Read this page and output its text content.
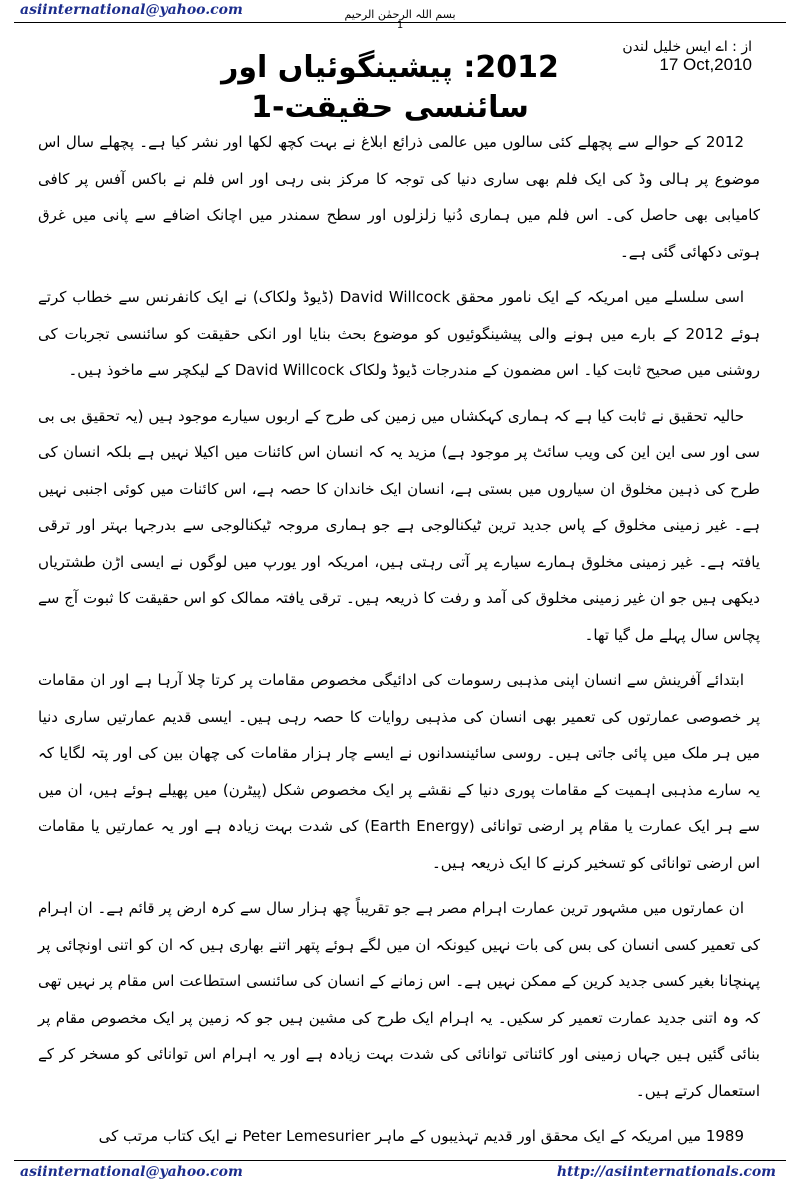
asiinternational@yahoo.com	بسم اللہ الرحمٰن الرحیم
1
از : اے ایس خلیل لندن
17 Oct,2010
2012: پیشینگوئیاں اور سائنسی حقیقت-1

2012 کے حوالے سے پچھلے کئی سالوں میں عالمی ذرائع ابلاغ نے بہت کچھ لکھا اور نشر کیا ہے۔ پچھلے سال اس موضوع پر ہالی وڈ کی ایک فلم بھی ساری دنیا کی توجہ کا مرکز بنی رہی اور اس فلم نے باکس آفس پر کافی کامیابی بھی حاصل کی۔ اس فلم میں ہماری دُنیا زلزلوں اور سطح سمندر میں اچانک اضافے سے پانی میں غرق ہوتی دکھائی گئی ہے۔

اسی سلسلے میں امریکہ کے ایک نامور محقق David Willcock (ڈیوڈ ولکاک) نے ایک کانفرنس سے خطاب کرتے ہوئے 2012 کے بارے میں ہونے والی پیشینگوئیوں کو موضوع بحث بنایا اور انکی حقیقت کو سائنسی تجربات کی روشنی میں صحیح ثابت کیا۔ اس مضمون کے مندرجات ڈیوڈ ولکاک David Willcock کے لیکچر سے ماخوذ ہیں۔

حالیہ تحقیق نے ثابت کیا ہے کہ ہماری کہکشاں میں زمین کی طرح کے اربوں سیارے موجود ہیں (یہ تحقیق بی بی سی اور سی این این کی ویب سائٹ پر موجود ہے) مزید یہ کہ انسان اس کائنات میں اکیلا نہیں ہے بلکہ انسان کی طرح کی ذہین مخلوق ان سیاروں میں بستی ہے، انسان ایک خاندان کا حصہ ہے، اس کائنات میں کوئی اجنبی نہیں ہے۔ غیر زمینی مخلوق کے پاس جدید ترین ٹیکنالوجی ہے جو ہماری مروجہ ٹیکنالوجی سے بدرجہا بہتر اور ترقی یافتہ ہے۔ غیر زمینی مخلوق ہمارے سیارے پر آتی رہتی ہیں، امریکہ اور یورپ میں لوگوں نے ایسی اڑن طشتریاں دیکھی ہیں جو ان غیر زمینی مخلوق کی آمد و رفت کا ذریعہ ہیں۔ ترقی یافتہ ممالک کو اس حقیقت کا ثبوت آج سے پچاس سال پہلے مل گیا تھا۔

ابتدائے آفرینش سے انسان اپنی مذہبی رسومات کی ادائیگی مخصوص مقامات پر کرتا چلا آرہا ہے اور ان مقامات پر خصوصی عمارتوں کی تعمیر بھی انسان کی مذہبی روایات کا حصہ رہی ہیں۔ ایسی قدیم عمارتیں ساری دنیا میں ہر ملک میں پائی جاتی ہیں۔ روسی سائینسدانوں نے ایسے چار ہزار مقامات کی چھان بین کی اور پتہ لگایا کہ یہ سارے مذہبی اہمیت کے مقامات پوری دنیا کے نقشے پر ایک مخصوص شکل (پیٹرن) میں پھیلے ہوئے ہیں، ان میں سے ہر ایک عمارت یا مقام پر ارضی توانائی (Earth Energy) کی شدت بہت زیادہ ہے اور یہ عمارتیں یا مقامات اس ارضی توانائی کو تسخیر کرنے کا ایک ذریعہ ہیں۔

ان عمارتوں میں مشہور ترین عمارت اہرام مصر ہے جو تقریباً چھ ہزار سال سے کرہ ارض پر قائم ہے۔ ان اہرام کی تعمیر کسی انسان کی بس کی بات نہیں کیونکہ ان میں لگے ہوئے پتھر اتنے بھاری ہیں کہ ان کو اتنی اونچائی پر پہنچانا بغیر کسی جدید کرین کے ممکن نہیں ہے۔ اس زمانے کے انسان کی سائنسی استطاعت اس مقام پر نہیں تھی کہ وہ اتنی جدید عمارت تعمیر کر سکیں۔ یہ اہرام ایک طرح کی مشین ہیں جو کہ زمین پر ایک مخصوص مقام پر بنائی گئیں ہیں جہاں زمینی اور کائناتی توانائی کی شدت بہت زیادہ ہے اور یہ اہرام اس توانائی کو مسخر کر کے استعمال کرتے ہیں۔

1989 میں امریکہ کے ایک محقق اور قدیم تہذیبوں کے ماہر Peter Lemesurier نے ایک کتاب مرتب کی

asiinternational@yahoo.com	http://asiinternationals.com
